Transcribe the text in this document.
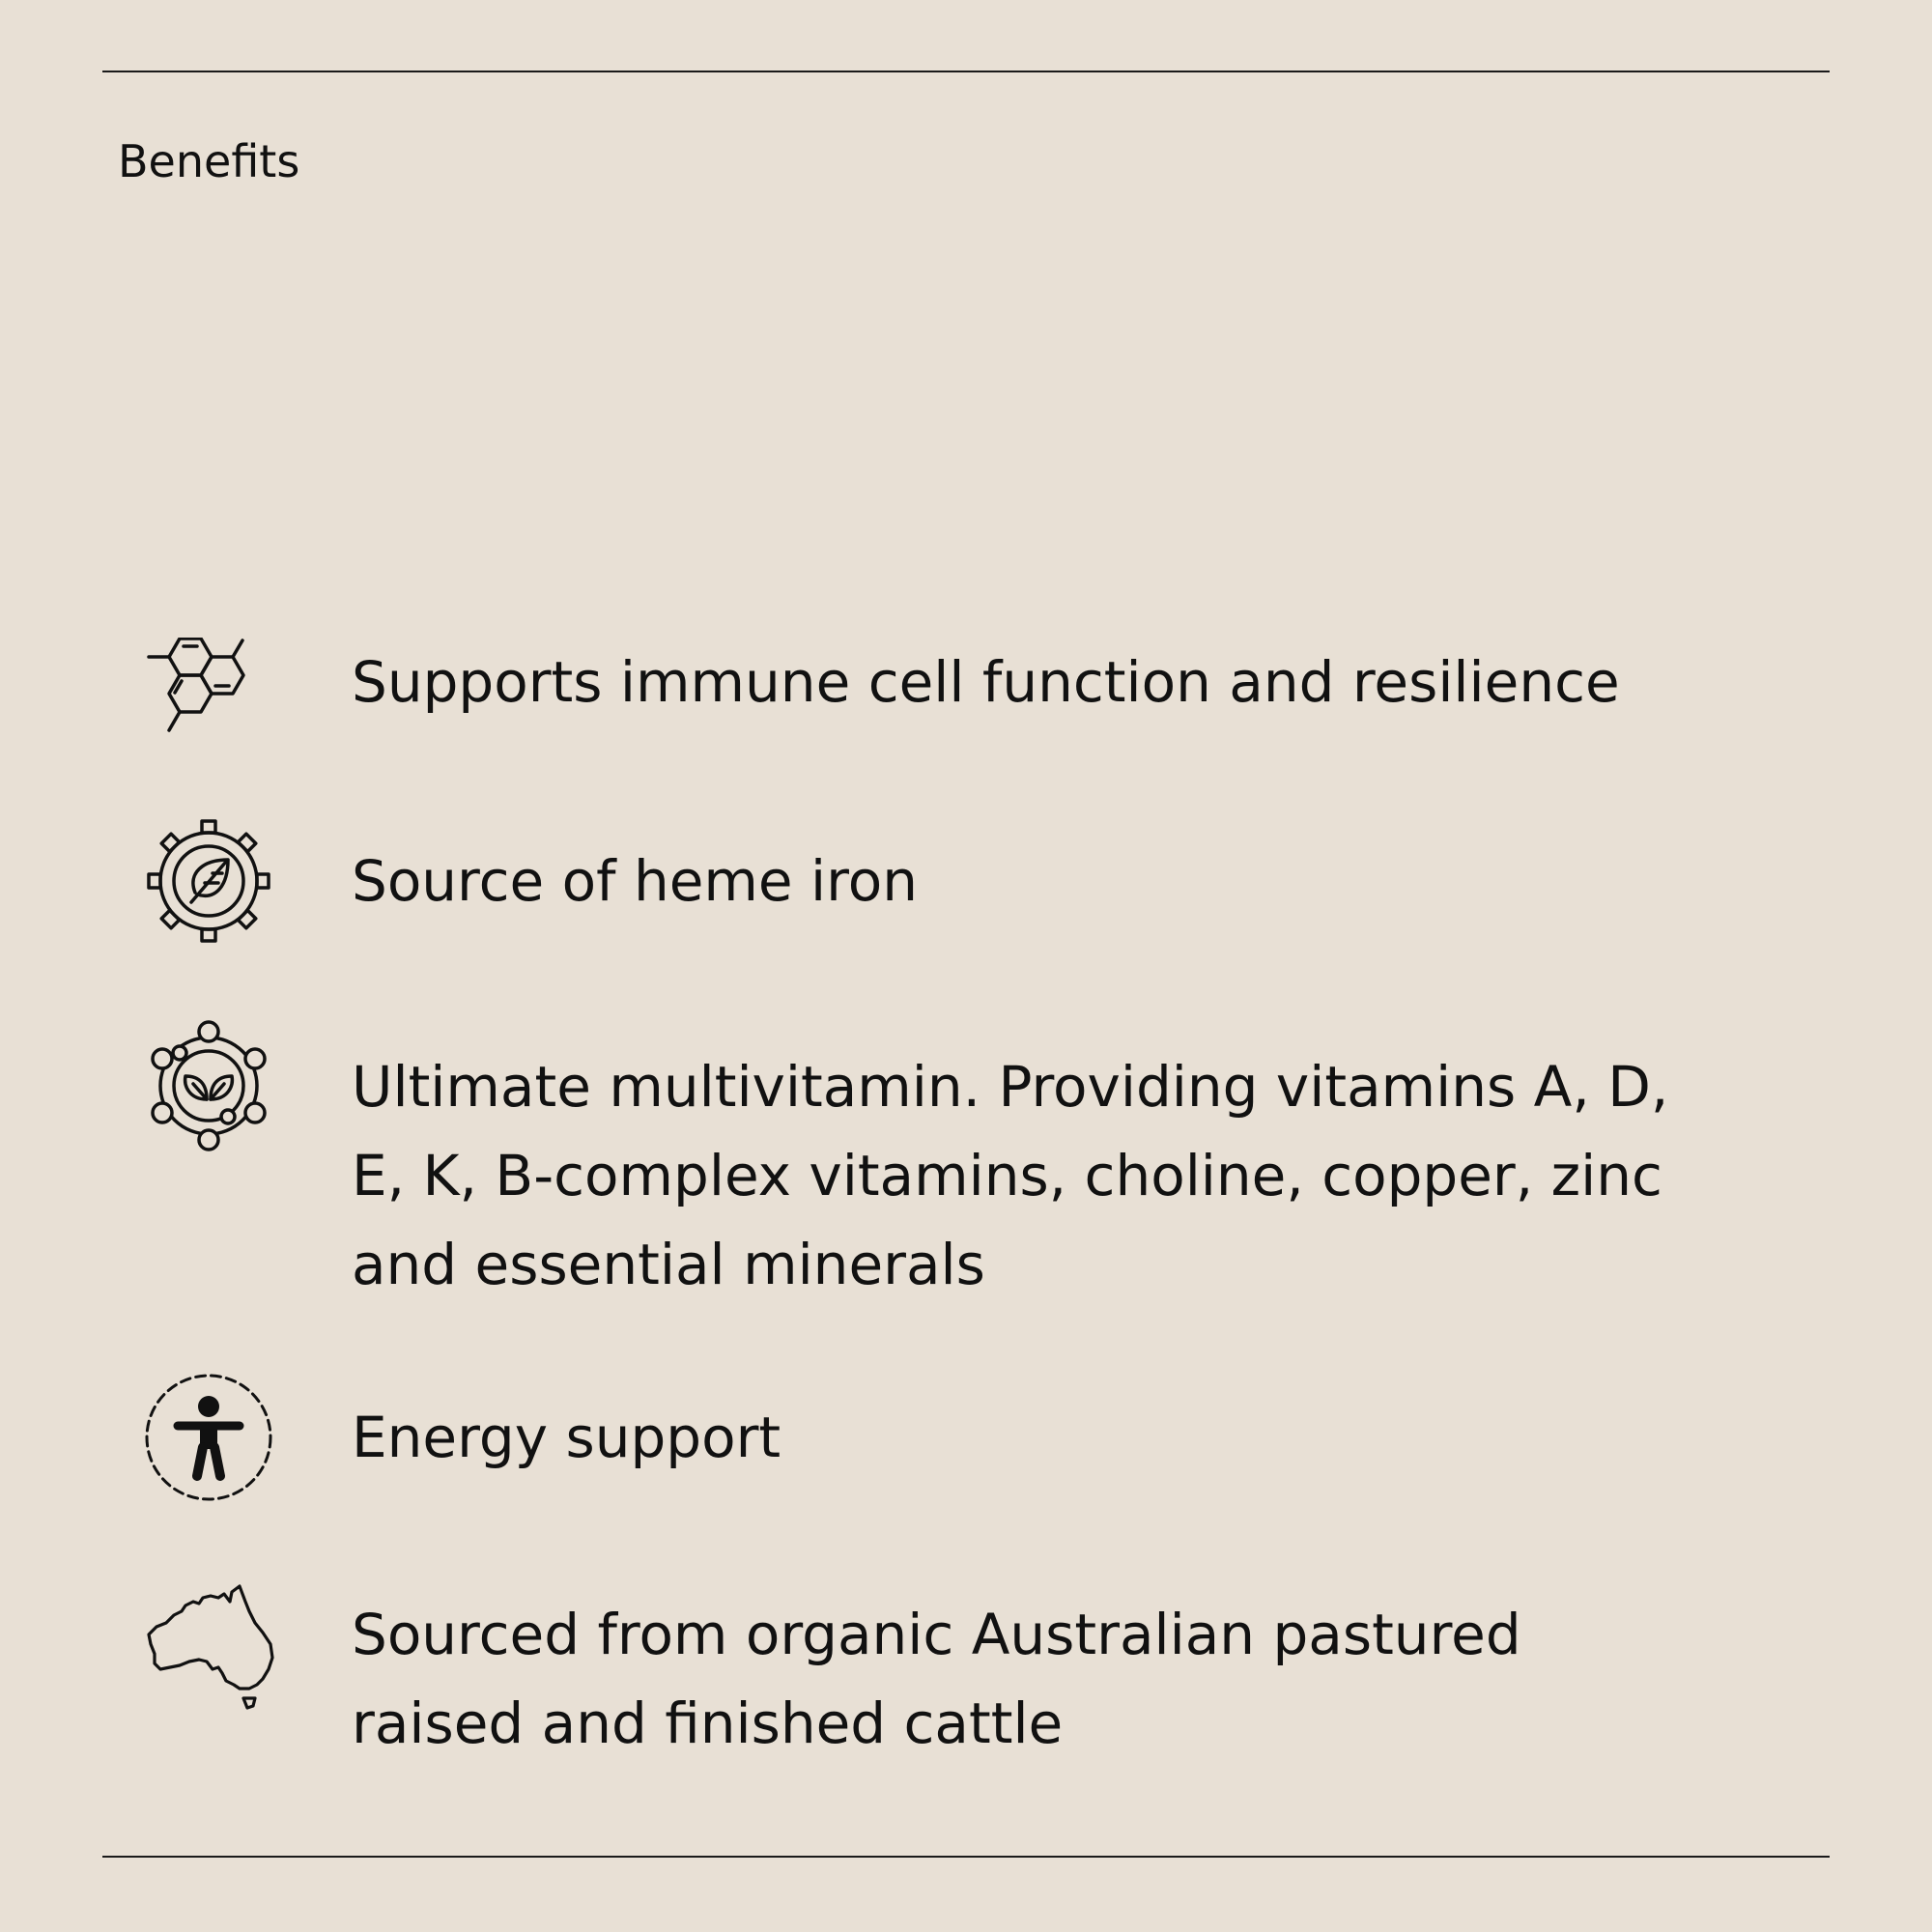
Benefits

Supports immune cell function and resilience

Source of heme iron

Ultimate multivitamin. Providing vitamins A, D, E, K, B-complex vitamins, choline, copper, zinc and essential minerals

Energy support

Sourced from organic Australian pastured raised and finished cattle
